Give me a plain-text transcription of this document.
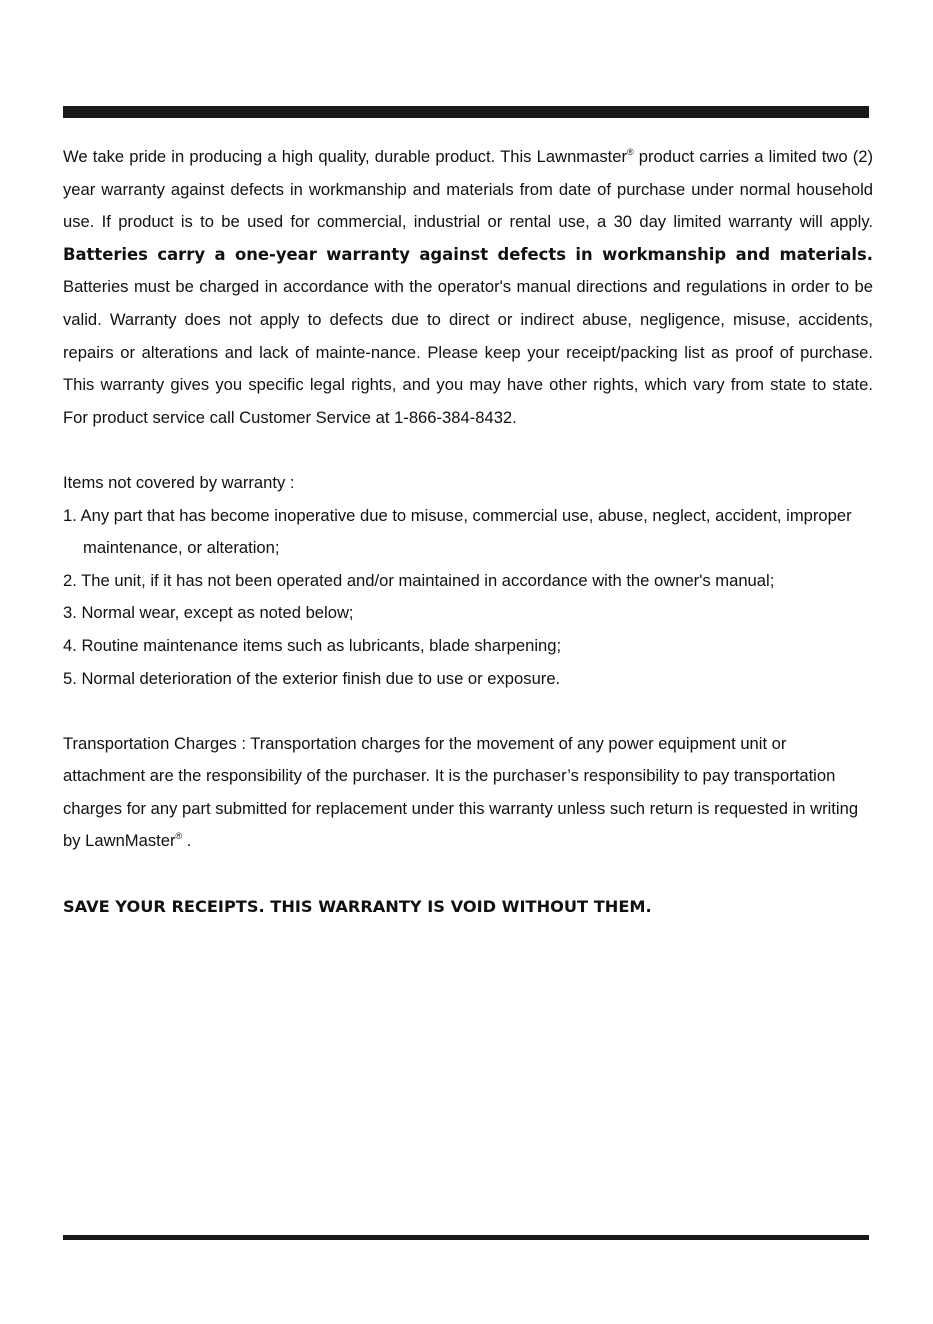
We take pride in producing a high quality, durable product. This Lawnmaster® product carries a limited two (2) year warranty against defects in workmanship and materials from date of purchase under normal household use. If product is to be used for commercial, industrial or rental use, a 30 day limited warranty will apply. Batteries carry a one-year warranty against defects in workmanship and materials. Batteries must be charged in accordance with the operator's manual directions and regulations in order to be valid. Warranty does not apply to defects due to direct or indirect abuse, negligence, misuse, accidents, repairs or alterations and lack of mainte-nance. Please keep your receipt/packing list as proof of purchase. This warranty gives you specific legal rights, and you may have other rights, which vary from state to state. For product service call Customer Service at 1-866-384-8432.

Items not covered by warranty :

1. Any part that has become inoperative due to misuse, commercial use, abuse, neglect, accident, improper maintenance, or alteration;
2. The unit, if it has not been operated and/or maintained in accordance with the owner's manual;
3. Normal wear, except as noted below;
4. Routine maintenance items such as lubricants, blade sharpening;
5. Normal deterioration of the exterior finish due to use or exposure.

Transportation Charges : Transportation charges for the movement of any power equipment unit or attachment are the responsibility of the purchaser. It is the purchaser’s responsibility to pay transportation charges for any part submitted for replacement under this warranty unless such return is requested in writing by LawnMaster® .

SAVE YOUR RECEIPTS. THIS WARRANTY IS VOID WITHOUT THEM.
